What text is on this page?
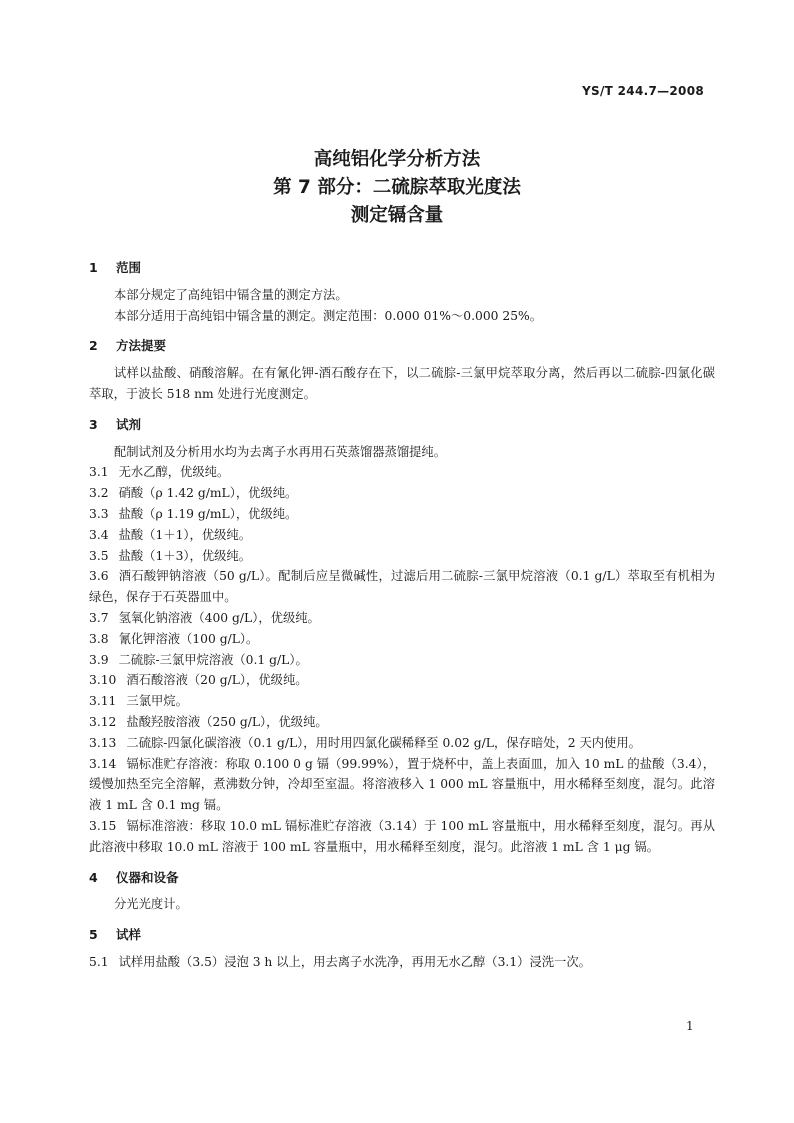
YS/T 244.7—2008
高纯铝化学分析方法
第 7 部分：二硫腙萃取光度法
测定镉含量
1 范围
本部分规定了高纯铝中镉含量的测定方法。
本部分适用于高纯铝中镉含量的测定。测定范围：0.000 01%～0.000 25%。
2 方法提要
试样以盐酸、硝酸溶解。在有氰化钾-酒石酸存在下，以二硫腙-三氯甲烷萃取分离，然后再以二硫腙-四氯化碳萃取，于波长 518 nm 处进行光度测定。
3 试剂
配制试剂及分析用水均为去离子水再用石英蒸馏器蒸馏提纯。
3.1 无水乙醇，优级纯。
3.2 硝酸（ρ 1.42 g/mL），优级纯。
3.3 盐酸（ρ 1.19 g/mL），优级纯。
3.4 盐酸（1＋1），优级纯。
3.5 盐酸（1＋3），优级纯。
3.6 酒石酸钾钠溶液（50 g/L）。配制后应呈微碱性，过滤后用二硫腙-三氯甲烷溶液（0.1 g/L）萃取至有机相为绿色，保存于石英器皿中。
3.7 氢氧化钠溶液（400 g/L），优级纯。
3.8 氰化钾溶液（100 g/L）。
3.9 二硫腙-三氯甲烷溶液（0.1 g/L）。
3.10 酒石酸溶液（20 g/L），优级纯。
3.11 三氯甲烷。
3.12 盐酸羟胺溶液（250 g/L），优级纯。
3.13 二硫腙-四氯化碳溶液（0.1 g/L），用时用四氯化碳稀释至 0.02 g/L，保存暗处，2 天内使用。
3.14 镉标准贮存溶液：称取 0.100 0 g 镉（99.99%），置于烧杯中，盖上表面皿，加入 10 mL 的盐酸（3.4），缓慢加热至完全溶解，煮沸数分钟，冷却至室温。将溶液移入 1 000 mL 容量瓶中，用水稀释至刻度，混匀。此溶液 1 mL 含 0.1 mg 镉。
3.15 镉标准溶液：移取 10.0 mL 镉标准贮存溶液（3.14）于 100 mL 容量瓶中，用水稀释至刻度，混匀。再从此溶液中移取 10.0 mL 溶液于 100 mL 容量瓶中，用水稀释至刻度，混匀。此溶液 1 mL 含 1 μg 镉。
4 仪器和设备
分光光度计。
5 试样
5.1 试样用盐酸（3.5）浸泡 3 h 以上，用去离子水洗净，再用无水乙醇（3.1）浸洗一次。
1
